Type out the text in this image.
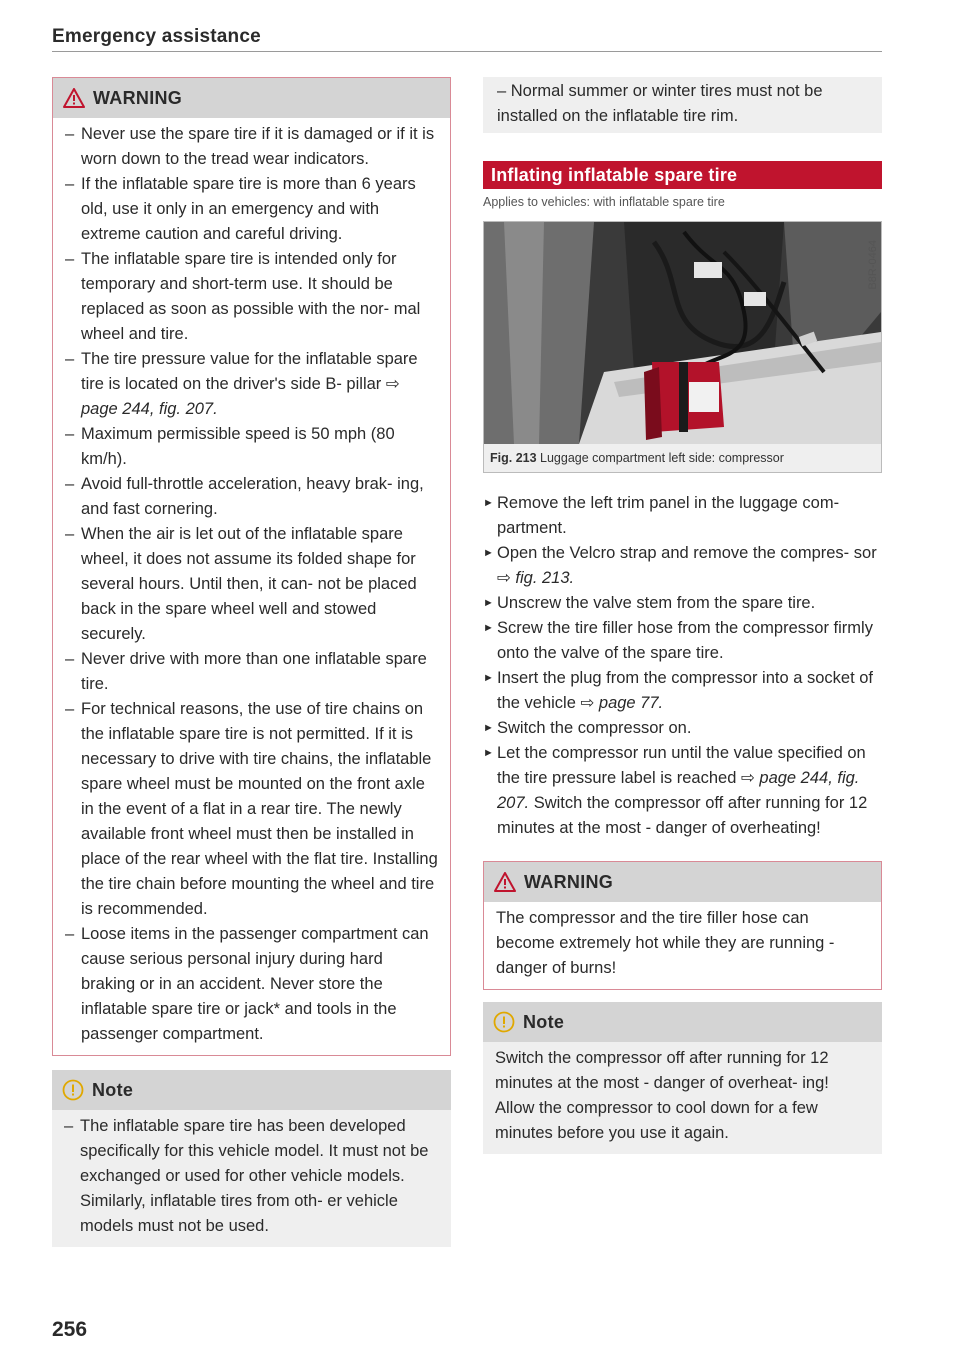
Emergency assistance
WARNING
– Never use the spare tire if it is damaged or if it is worn down to the tread wear indicators.
– If the inflatable spare tire is more than 6 years old, use it only in an emergency and with extreme caution and careful driving.
– The inflatable spare tire is intended only for temporary and short-term use. It should be replaced as soon as possible with the nor- mal wheel and tire.
– The tire pressure value for the inflatable spare tire is located on the driver's side B- pillar ⇨ page 244, fig. 207.
– Maximum permissible speed is 50 mph (80 km/h).
– Avoid full-throttle acceleration, heavy brak- ing, and fast cornering.
– When the air is let out of the inflatable spare wheel, it does not assume its folded shape for several hours. Until then, it can- not be placed back in the spare wheel well and stowed securely.
– Never drive with more than one inflatable spare tire.
– For technical reasons, the use of tire chains on the inflatable spare tire is not permitted. If it is necessary to drive with tire chains, the inflatable spare wheel must be mounted on the front axle in the event of a flat in a rear tire. The newly available front wheel must then be installed in place of the rear wheel with the flat tire. Installing the tire chain before mounting the wheel and tire is recommended.
– Loose items in the passenger compartment can cause serious personal injury during hard braking or in an accident. Never store the inflatable spare tire or jack* and tools in the passenger compartment.
Note
– The inflatable spare tire has been developed specifically for this vehicle model. It must not be exchanged or used for other vehicle models. Similarly, inflatable tires from oth- er vehicle models must not be used.
– Normal summer or winter tires must not be installed on the inflatable tire rim.
Inflating inflatable spare tire
Applies to vehicles: with inflatable spare tire
B8R-0464
Fig. 213 Luggage compartment left side: compressor
► Remove the left trim panel in the luggage com- partment.
► Open the Velcro strap and remove the compres- sor ⇨ fig. 213.
► Unscrew the valve stem from the spare tire.
► Screw the tire filler hose from the compressor firmly onto the valve of the spare tire.
► Insert the plug from the compressor into a socket of the vehicle ⇨ page 77.
► Switch the compressor on.
► Let the compressor run until the value specified on the tire pressure label is reached ⇨ page 244, fig. 207. Switch the compressor off after running for 12 minutes at the most - danger of overheating!
WARNING
The compressor and the tire filler hose can become extremely hot while they are running - danger of burns!
Note
Switch the compressor off after running for 12 minutes at the most - danger of overheat- ing! Allow the compressor to cool down for a few minutes before you use it again.
256
